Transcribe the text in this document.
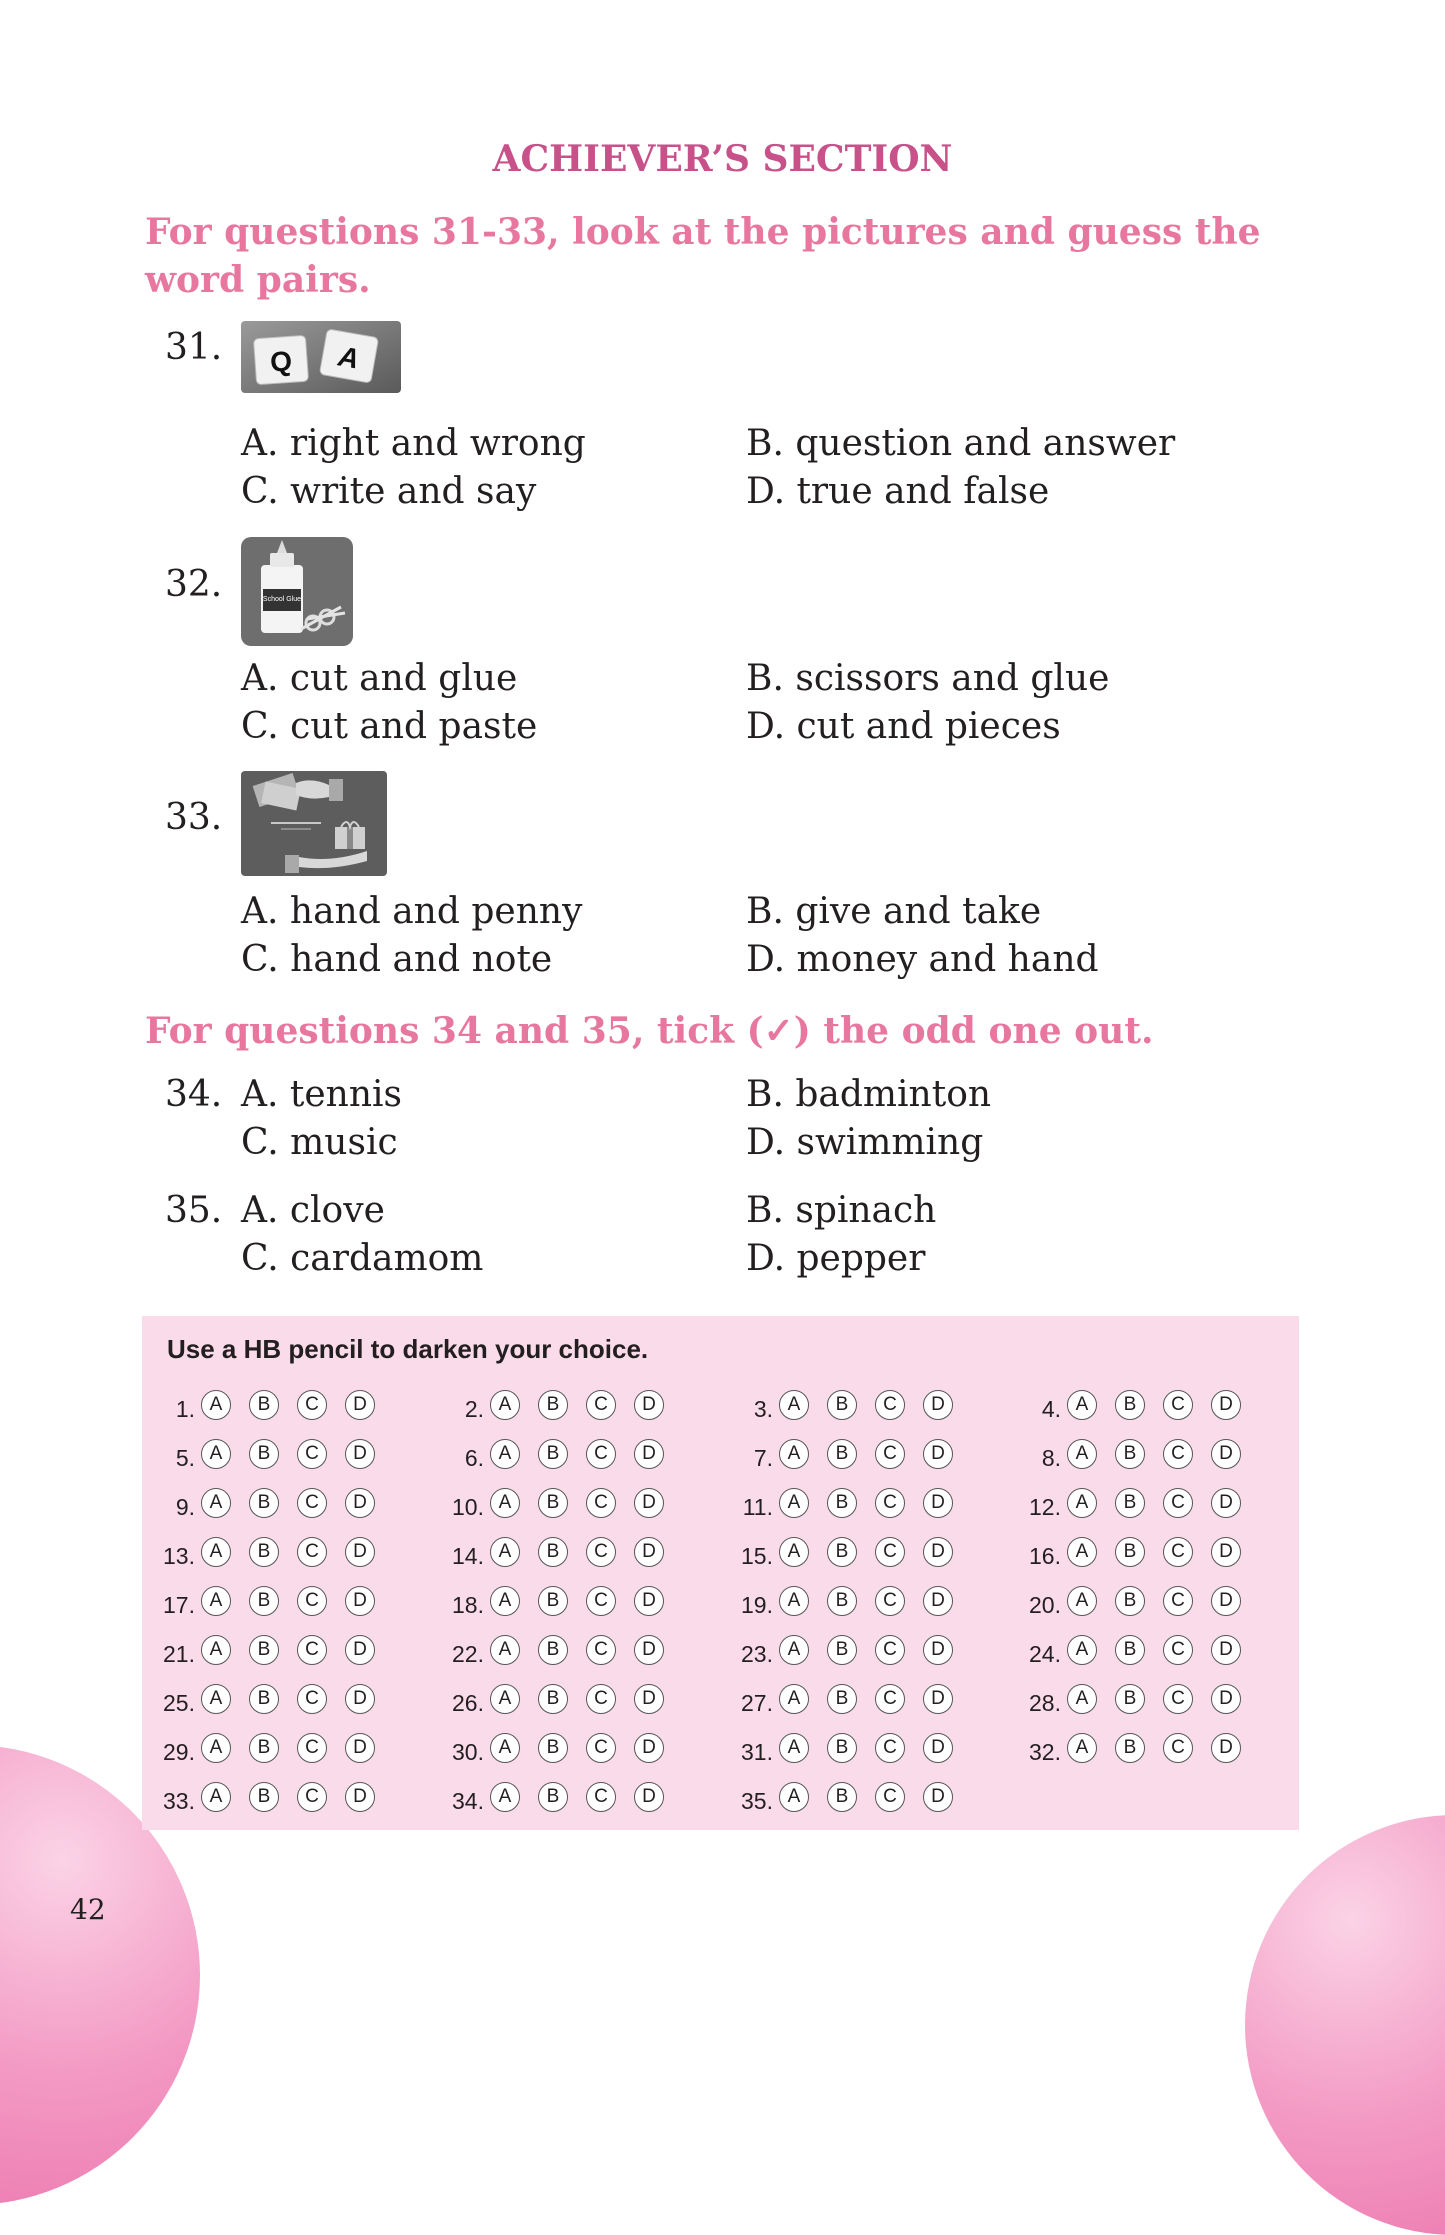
ACHIEVER’S SECTION
For questions 31-33, look at the pictures and guess the word pairs.
31. Q A
A. right and wrong	B. question and answer
C. write and say	D. true and false
32.	School Glue
A. cut and glue	B. scissors and glue
C. cut and paste	D. cut and pieces
33.
A. hand and penny	B. give and take
C. hand and note	D. money and hand
For questions 34 and 35, tick (✓) the odd one out.
34. A. tennis	B. badminton
C. music	D. swimming
35. A. clove	B. spinach
C. cardamom	D. pepper
Use a HB pencil to darken your choice.
1. A	B	C	D	2. A	B	C	D	3. A	B	C	D	4. A	B	C	D
5. A	B	C	D	6. A	B	C	D	7. A	B	C	D	8. A	B	C	D
9. A	B	C	D	10. A	B	C	D	11. A	B	C	D	12. A	B	C	D
13. A	B	C	D	14. A	B	C	D	15. A	B	C	D	16. A	B	C	D
17. A	B	C	D	18. A	B	C	D	19. A	B	C	D	20. A	B	C	D
21. A	B	C	D	22. A	B	C	D	23. A	B	C	D	24. A	B	C	D
25. A	B	C	D	26. A	B	C	D	27. A	B	C	D	28. A	B	C	D
29. A	B	C	D	30. A	B	C	D	31. A	B	C	D	32. A	B	C	D
33. A	B	C	D	34. A	B	C	D	35. A	B	C	D
42
